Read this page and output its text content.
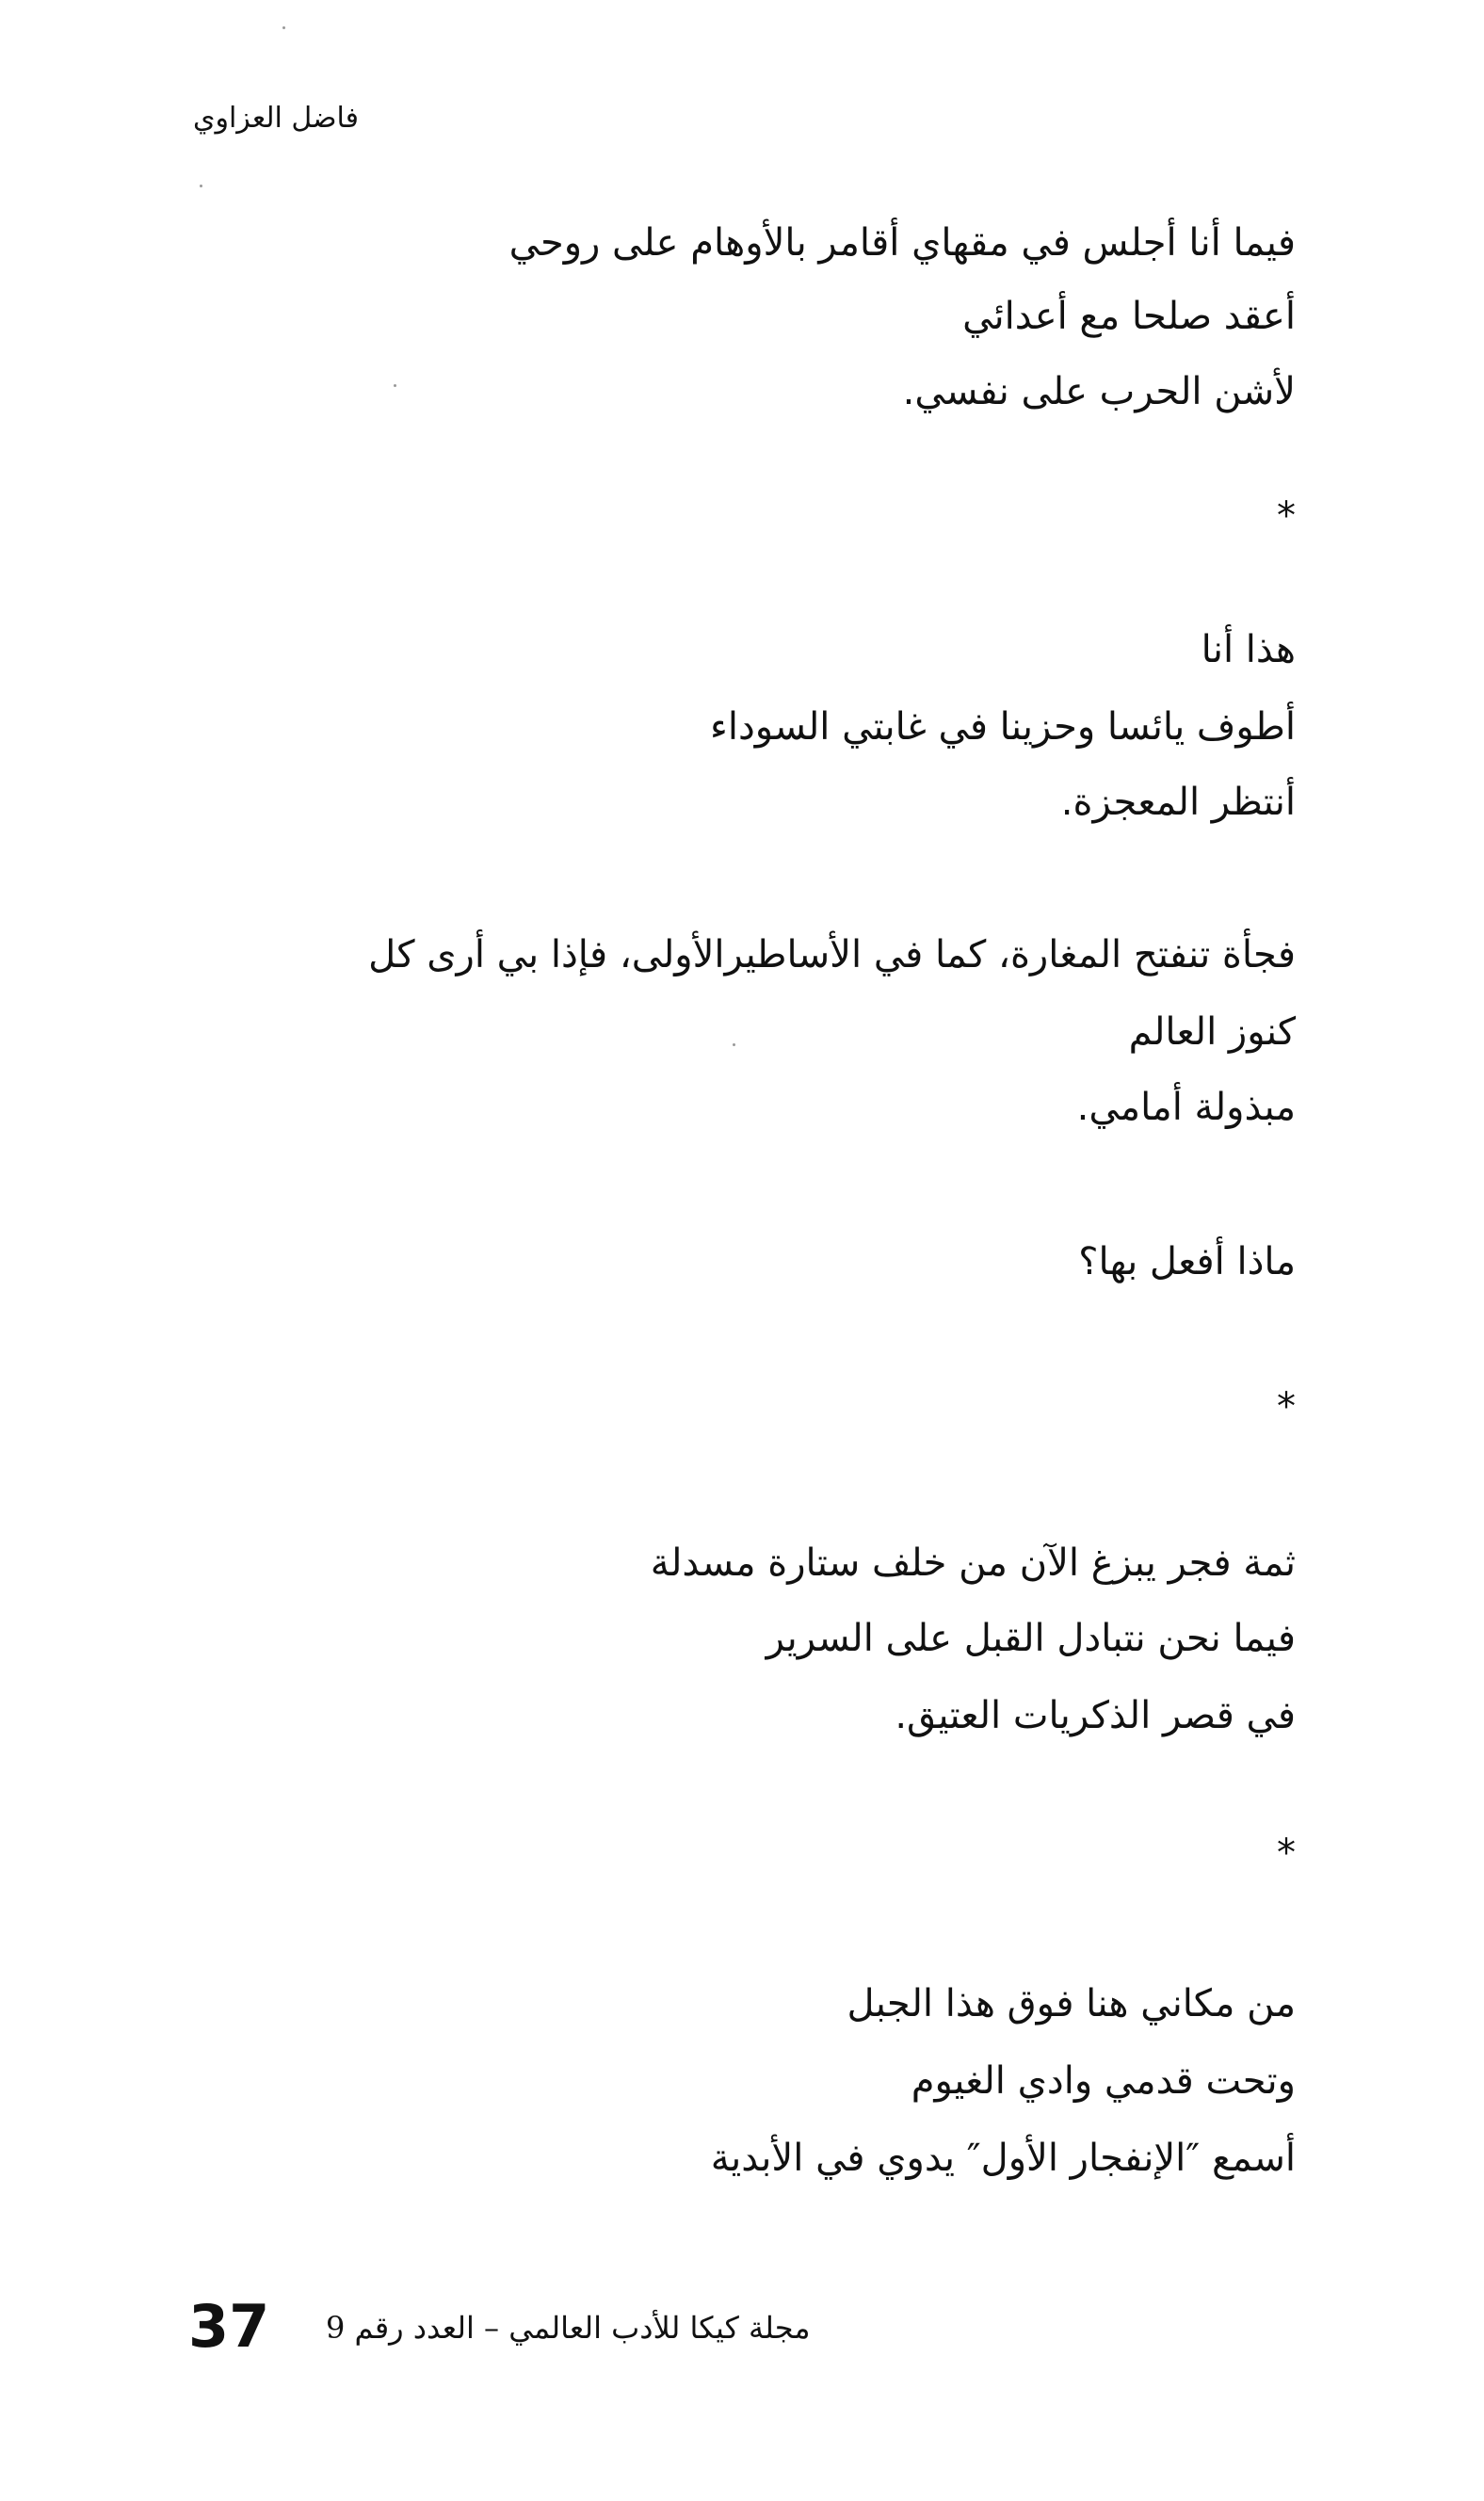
فاضل العزاوي
فيما أنا أجلس في مقهاي أقامر بالأوهام على روحي
أعقد صلحا مع أعدائي
لأشن الحرب على نفسي.
*
هذا أنا
أطوف يائسا وحزينا في غابتي السوداء
أنتظر المعجزة.
فجأة تنفتح المغارة، كما في الأساطيرالأولى، فإذا بي أرى كل
كنوز العالم
مبذولة أمامي.
ماذا أفعل بها؟
*
ثمة فجر يبزغ الآن من خلف ستارة مسدلة
فيما نحن نتبادل القبل على السرير
في قصر الذكريات العتيق.
*
من مكاني هنا فوق هذا الجبل
وتحت قدمي وادي الغيوم
أسمع ″الإنفجار الأول″ يدوي في الأبدية
37 مجلة كيكا للأدب العالمي – العدد رقم 9
